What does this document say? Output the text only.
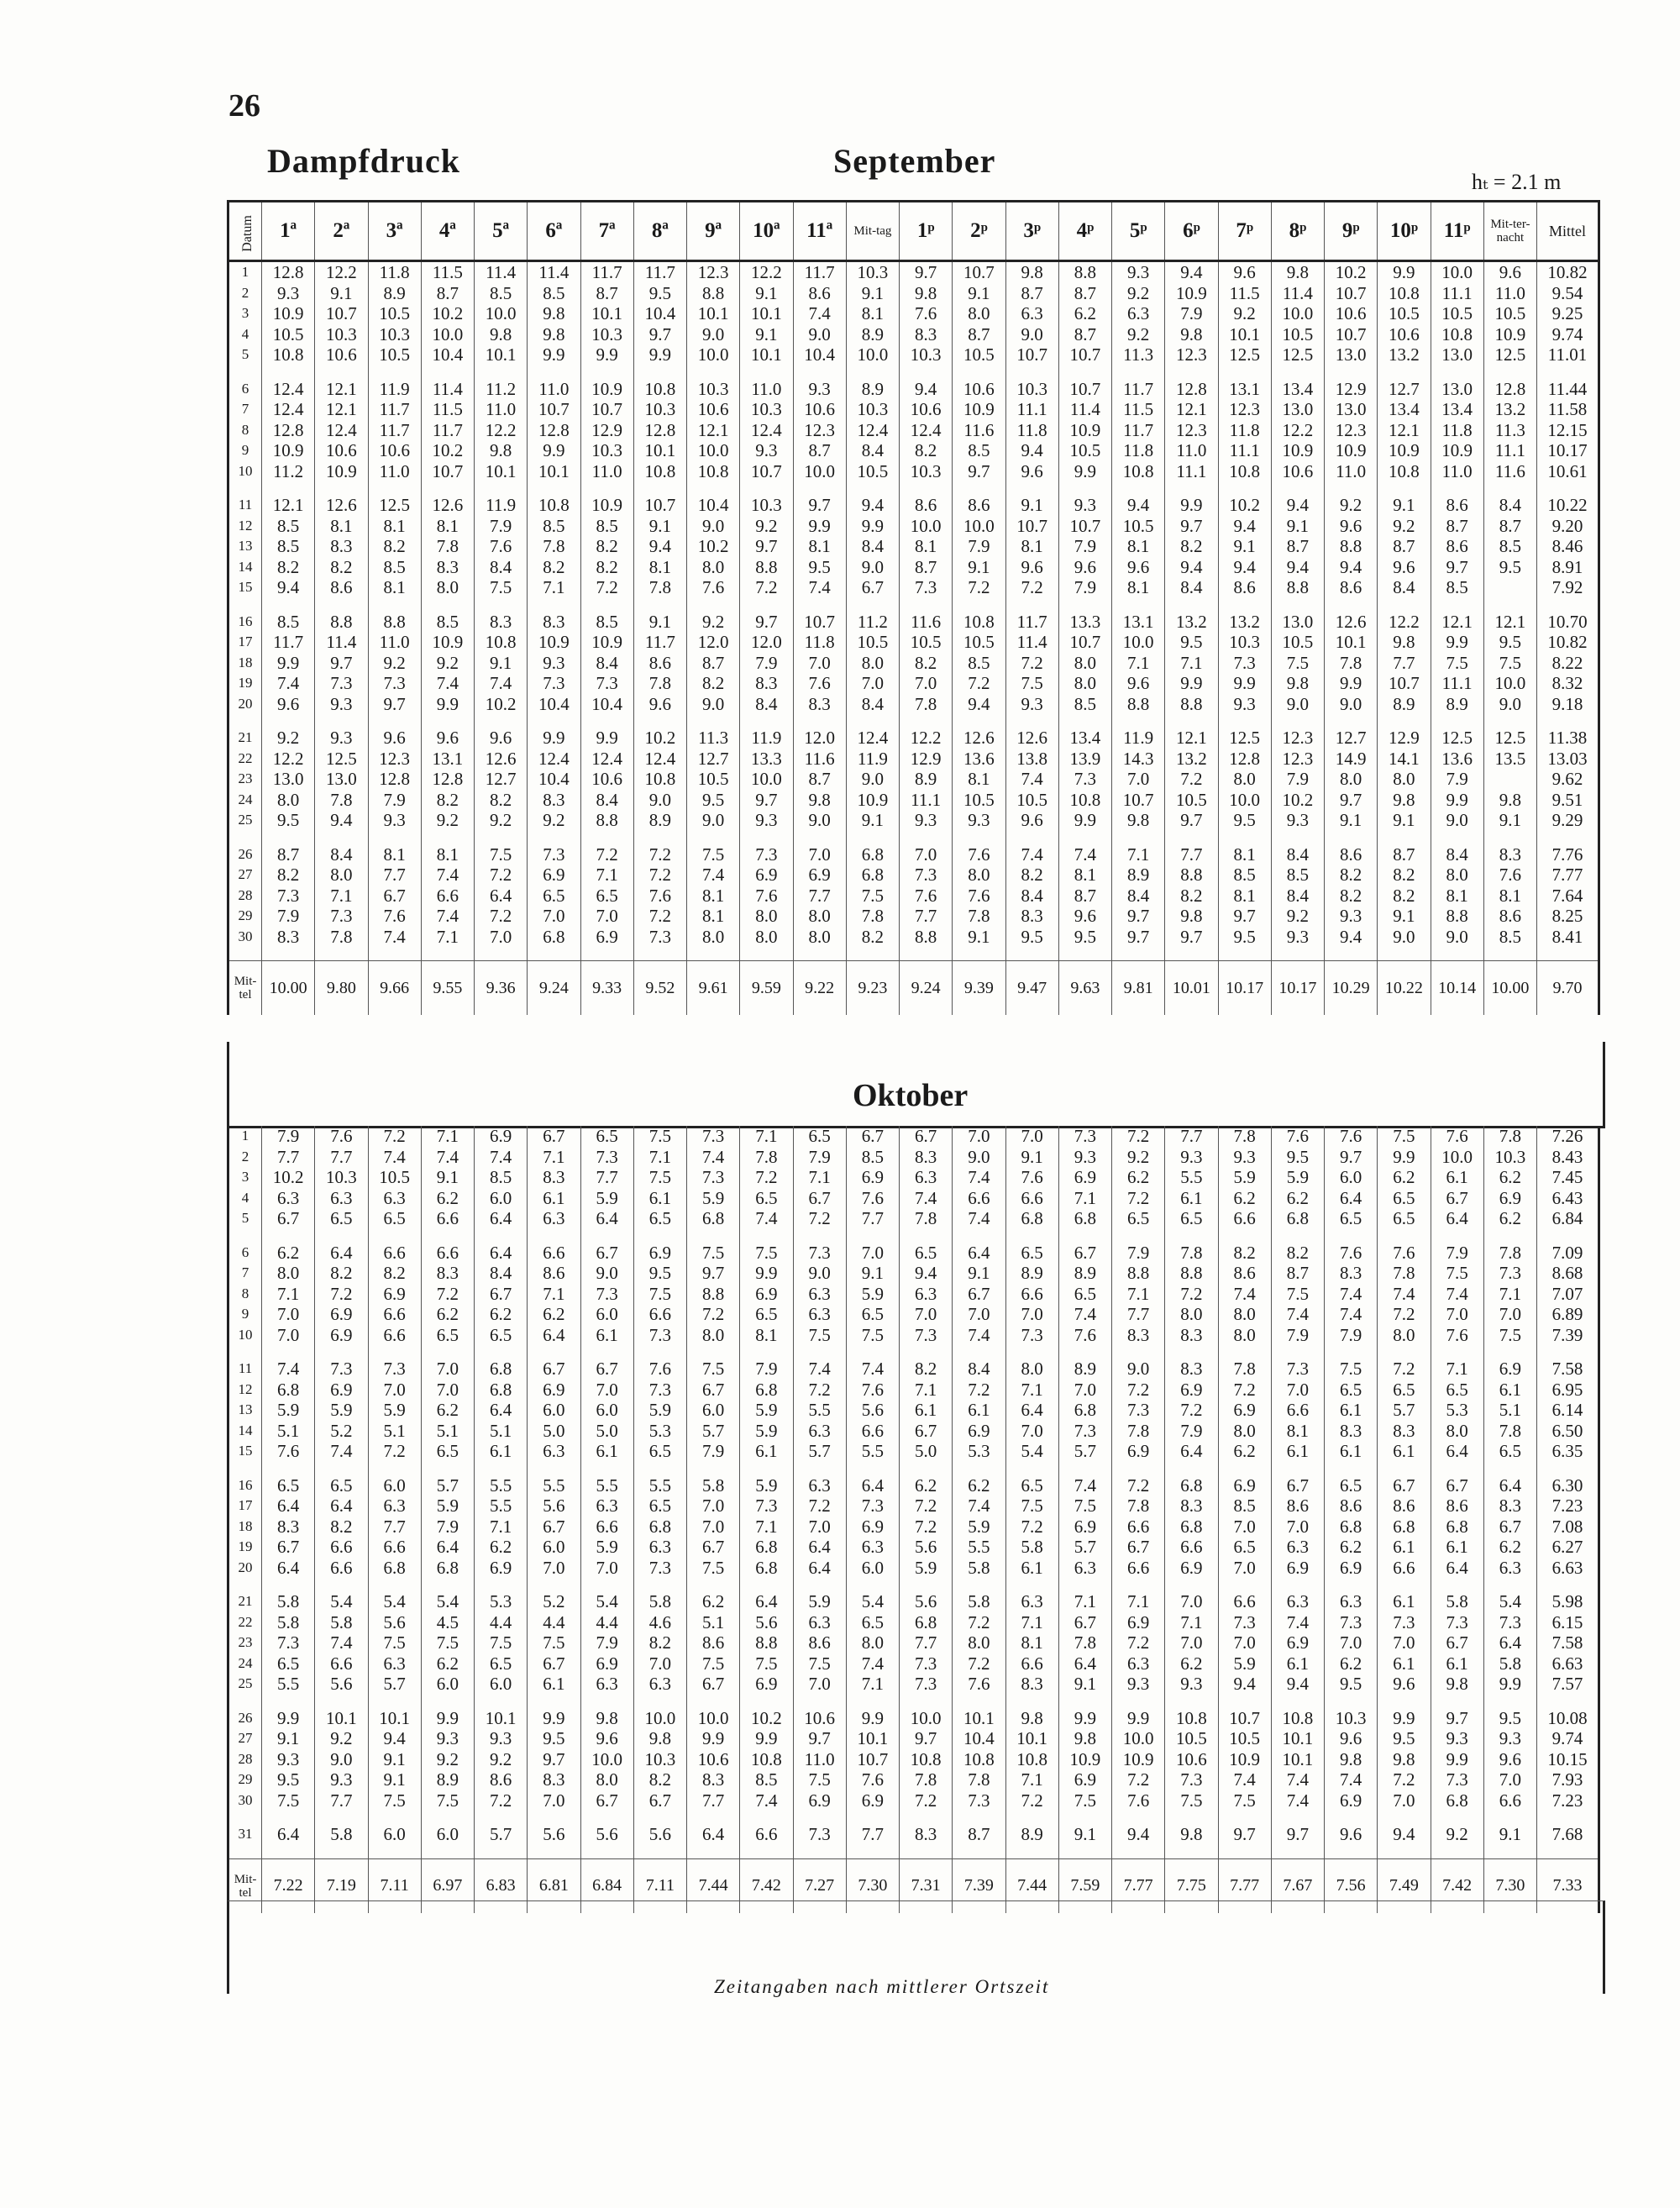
26
Dampfdruck	September
hₜ = 2.1 m
Datum	1ª	2ª	3ª	4ª	5ª	6ª	7ª	8ª	9ª	10ª	11ª	Mit-tag	1ᵖ	2ᵖ	3ᵖ	4ᵖ	5ᵖ	6ᵖ	7ᵖ	8ᵖ	9ᵖ	10ᵖ	11ᵖ	Mit-ter-nacht	Mittel
1	12.8	12.2	11.8	11.5	11.4	11.4	11.7	11.7	12.3	12.2	11.7	10.3	9.7	10.7	9.8	8.8	9.3	9.4	9.6	9.8	10.2	9.9	10.0	9.6	10.82
2	9.3	9.1	8.9	8.7	8.5	8.5	8.7	9.5	8.8	9.1	8.6	9.1	9.8	9.1	8.7	8.7	9.2	10.9	11.5	11.4	10.7	10.8	11.1	11.0	9.54
3	10.9	10.7	10.5	10.2	10.0	9.8	10.1	10.4	10.1	10.1	7.4	8.1	7.6	8.0	6.3	6.2	6.3	7.9	9.2	10.0	10.6	10.5	10.5	10.5	9.25
4	10.5	10.3	10.3	10.0	9.8	9.8	10.3	9.7	9.0	9.1	9.0	8.9	8.3	8.7	9.0	8.7	9.2	9.8	10.1	10.5	10.7	10.6	10.8	10.9	9.74
5	10.8	10.6	10.5	10.4	10.1	9.9	9.9	9.9	10.0	10.1	10.4	10.0	10.3	10.5	10.7	10.7	11.3	12.3	12.5	12.5	13.0	13.2	13.0	12.5	11.01

6	12.4	12.1	11.9	11.4	11.2	11.0	10.9	10.8	10.3	11.0	9.3	8.9	9.4	10.6	10.3	10.7	11.7	12.8	13.1	13.4	12.9	12.7	13.0	12.8	11.44
7	12.4	12.1	11.7	11.5	11.0	10.7	10.7	10.3	10.6	10.3	10.6	10.3	10.6	10.9	11.1	11.4	11.5	12.1	12.3	13.0	13.0	13.4	13.4	13.2	11.58
8	12.8	12.4	11.7	11.7	12.2	12.8	12.9	12.8	12.1	12.4	12.3	12.4	12.4	11.6	11.8	10.9	11.7	12.3	11.8	12.2	12.3	12.1	11.8	11.3	12.15
9	10.9	10.6	10.6	10.2	9.8	9.9	10.3	10.1	10.0	9.3	8.7	8.4	8.2	8.5	9.4	10.5	11.8	11.0	11.1	10.9	10.9	10.9	10.9	11.1	10.17
10	11.2	10.9	11.0	10.7	10.1	10.1	11.0	10.8	10.8	10.7	10.0	10.5	10.3	9.7	9.6	9.9	10.8	11.1	10.8	10.6	11.0	10.8	11.0	11.6	10.61

11	12.1	12.6	12.5	12.6	11.9	10.8	10.9	10.7	10.4	10.3	9.7	9.4	8.6	8.6	9.1	9.3	9.4	9.9	10.2	9.4	9.2	9.1	8.6	8.4	10.22
12	8.5	8.1	8.1	8.1	7.9	8.5	8.5	9.1	9.0	9.2	9.9	9.9	10.0	10.0	10.7	10.7	10.5	9.7	9.4	9.1	9.6	9.2	8.7	8.7	9.20
13	8.5	8.3	8.2	7.8	7.6	7.8	8.2	9.4	10.2	9.7	8.1	8.4	8.1	7.9	8.1	7.9	8.1	8.2	9.1	8.7	8.8	8.7	8.6	8.5	8.46
14	8.2	8.2	8.5	8.3	8.4	8.2	8.2	8.1	8.0	8.8	9.5	9.0	8.7	9.1	9.6	9.6	9.6	9.4	9.4	9.4	9.4	9.6	9.7	9.5	8.91
15	9.4	8.6	8.1	8.0	7.5	7.1	7.2	7.8	7.6	7.2	7.4	6.7	7.3	7.2	7.2	7.9	8.1	8.4	8.6	8.8	8.6	8.4	8.5		7.92

16	8.5	8.8	8.8	8.5	8.3	8.3	8.5	9.1	9.2	9.7	10.7	11.2	11.6	10.8	11.7	13.3	13.1	13.2	13.2	13.0	12.6	12.2	12.1	12.1	10.70
17	11.7	11.4	11.0	10.9	10.8	10.9	10.9	11.7	12.0	12.0	11.8	10.5	10.5	10.5	11.4	10.7	10.0	9.5	10.3	10.5	10.1	9.8	9.9	9.5	10.82
18	9.9	9.7	9.2	9.2	9.1	9.3	8.4	8.6	8.7	7.9	7.0	8.0	8.2	8.5	7.2	8.0	7.1	7.1	7.3	7.5	7.8	7.7	7.5	7.5	8.22
19	7.4	7.3	7.3	7.4	7.4	7.3	7.3	7.8	8.2	8.3	7.6	7.0	7.0	7.2	7.5	8.0	9.6	9.9	9.9	9.8	9.9	10.7	11.1	10.0	8.32
20	9.6	9.3	9.7	9.9	10.2	10.4	10.4	9.6	9.0	8.4	8.3	8.4	7.8	9.4	9.3	8.5	8.8	8.8	9.3	9.0	9.0	8.9	8.9	9.0	9.18

21	9.2	9.3	9.6	9.6	9.6	9.9	9.9	10.2	11.3	11.9	12.0	12.4	12.2	12.6	12.6	13.4	11.9	12.1	12.5	12.3	12.7	12.9	12.5	12.5	11.38
22	12.2	12.5	12.3	13.1	12.6	12.4	12.4	12.4	12.7	13.3	11.6	11.9	12.9	13.6	13.8	13.9	14.3	13.2	12.8	12.3	14.9	14.1	13.6	13.5	13.03
23	13.0	13.0	12.8	12.8	12.7	10.4	10.6	10.8	10.5	10.0	8.7	9.0	8.9	8.1	7.4	7.3	7.0	7.2	8.0	7.9	8.0	8.0	7.9		9.62
24	8.0	7.8	7.9	8.2	8.2	8.3	8.4	9.0	9.5	9.7	9.8	10.9	11.1	10.5	10.5	10.8	10.7	10.5	10.0	10.2	9.7	9.8	9.9	9.8	9.51
25	9.5	9.4	9.3	9.2	9.2	9.2	8.8	8.9	9.0	9.3	9.0	9.1	9.3	9.3	9.6	9.9	9.8	9.7	9.5	9.3	9.1	9.1	9.0	9.1	9.29

26	8.7	8.4	8.1	8.1	7.5	7.3	7.2	7.2	7.5	7.3	7.0	6.8	7.0	7.6	7.4	7.4	7.1	7.7	8.1	8.4	8.6	8.7	8.4	8.3	7.76
27	8.2	8.0	7.7	7.4	7.2	6.9	7.1	7.2	7.4	6.9	6.9	6.8	7.3	8.0	8.2	8.1	8.9	8.8	8.5	8.5	8.2	8.2	8.0	7.6	7.77
28	7.3	7.1	6.7	6.6	6.4	6.5	6.5	7.6	8.1	7.6	7.7	7.5	7.6	7.6	8.4	8.7	8.4	8.2	8.1	8.4	8.2	8.2	8.1	8.1	7.64
29	7.9	7.3	7.6	7.4	7.2	7.0	7.0	7.2	8.1	8.0	8.0	7.8	7.7	7.8	8.3	9.6	9.7	9.8	9.7	9.2	9.3	9.1	8.8	8.6	8.25
30	8.3	7.8	7.4	7.1	7.0	6.8	6.9	7.3	8.0	8.0	8.0	8.2	8.8	9.1	9.5	9.5	9.7	9.7	9.5	9.3	9.4	9.0	9.0	8.5	8.41

Mit-tel	10.00	9.80	9.66	9.55	9.36	9.24	9.33	9.52	9.61	9.59	9.22	9.23	9.24	9.39	9.47	9.63	9.81	10.01	10.17	10.17	10.29	10.22	10.14	10.00	9.70
Oktober
1	7.9	7.6	7.2	7.1	6.9	6.7	6.5	7.5	7.3	7.1	6.5	6.7	6.7	7.0	7.0	7.3	7.2	7.7	7.8	7.6	7.6	7.5	7.6	7.8	7.26
2	7.7	7.7	7.4	7.4	7.4	7.1	7.3	7.1	7.4	7.8	7.9	8.5	8.3	9.0	9.1	9.3	9.2	9.3	9.3	9.5	9.7	9.9	10.0	10.3	8.43
3	10.2	10.3	10.5	9.1	8.5	8.3	7.7	7.5	7.3	7.2	7.1	6.9	6.3	7.4	7.6	6.9	6.2	5.5	5.9	5.9	6.0	6.2	6.1	6.2	7.45
4	6.3	6.3	6.3	6.2	6.0	6.1	5.9	6.1	5.9	6.5	6.7	7.6	7.4	6.6	6.6	7.1	7.2	6.1	6.2	6.2	6.4	6.5	6.7	6.9	6.43
5	6.7	6.5	6.5	6.6	6.4	6.3	6.4	6.5	6.8	7.4	7.2	7.7	7.8	7.4	6.8	6.8	6.5	6.5	6.6	6.8	6.5	6.5	6.4	6.2	6.84

6	6.2	6.4	6.6	6.6	6.4	6.6	6.7	6.9	7.5	7.5	7.3	7.0	6.5	6.4	6.5	6.7	7.9	7.8	8.2	8.2	7.6	7.6	7.9	7.8	7.09
7	8.0	8.2	8.2	8.3	8.4	8.6	9.0	9.5	9.7	9.9	9.0	9.1	9.4	9.1	8.9	8.9	8.8	8.8	8.6	8.7	8.3	7.8	7.5	7.3	8.68
8	7.1	7.2	6.9	7.2	6.7	7.1	7.3	7.5	8.8	6.9	6.3	5.9	6.3	6.7	6.6	6.5	7.1	7.2	7.4	7.5	7.4	7.4	7.4	7.1	7.07
9	7.0	6.9	6.6	6.2	6.2	6.2	6.0	6.6	7.2	6.5	6.3	6.5	7.0	7.0	7.0	7.4	7.7	8.0	8.0	7.4	7.4	7.2	7.0	7.0	6.89
10	7.0	6.9	6.6	6.5	6.5	6.4	6.1	7.3	8.0	8.1	7.5	7.5	7.3	7.4	7.3	7.6	8.3	8.3	8.0	7.9	7.9	8.0	7.6	7.5	7.39

11	7.4	7.3	7.3	7.0	6.8	6.7	6.7	7.6	7.5	7.9	7.4	7.4	8.2	8.4	8.0	8.9	9.0	8.3	7.8	7.3	7.5	7.2	7.1	6.9	7.58
12	6.8	6.9	7.0	7.0	6.8	6.9	7.0	7.3	6.7	6.8	7.2	7.6	7.1	7.2	7.1	7.0	7.2	6.9	7.2	7.0	6.5	6.5	6.5	6.1	6.95
13	5.9	5.9	5.9	6.2	6.4	6.0	6.0	5.9	6.0	5.9	5.5	5.6	6.1	6.1	6.4	6.8	7.3	7.2	6.9	6.6	6.1	5.7	5.3	5.1	6.14
14	5.1	5.2	5.1	5.1	5.1	5.0	5.0	5.3	5.7	5.9	6.3	6.6	6.7	6.9	7.0	7.3	7.8	7.9	8.0	8.1	8.3	8.3	8.0	7.8	6.50
15	7.6	7.4	7.2	6.5	6.1	6.3	6.1	6.5	7.9	6.1	5.7	5.5	5.0	5.3	5.4	5.7	6.9	6.4	6.2	6.1	6.1	6.1	6.4	6.5	6.35

16	6.5	6.5	6.0	5.7	5.5	5.5	5.5	5.5	5.8	5.9	6.3	6.4	6.2	6.2	6.5	7.4	7.2	6.8	6.9	6.7	6.5	6.7	6.7	6.4	6.30
17	6.4	6.4	6.3	5.9	5.5	5.6	6.3	6.5	7.0	7.3	7.2	7.3	7.2	7.4	7.5	7.5	7.8	8.3	8.5	8.6	8.6	8.6	8.6	8.3	7.23
18	8.3	8.2	7.7	7.9	7.1	6.7	6.6	6.8	7.0	7.1	7.0	6.9	7.2	5.9	7.2	6.9	6.6	6.8	7.0	7.0	6.8	6.8	6.8	6.7	7.08
19	6.7	6.6	6.6	6.4	6.2	6.0	5.9	6.3	6.7	6.8	6.4	6.3	5.6	5.5	5.8	5.7	6.7	6.6	6.5	6.3	6.2	6.1	6.1	6.2	6.27
20	6.4	6.6	6.8	6.8	6.9	7.0	7.0	7.3	7.5	6.8	6.4	6.0	5.9	5.8	6.1	6.3	6.6	6.9	7.0	6.9	6.9	6.6	6.4	6.3	6.63

21	5.8	5.4	5.4	5.4	5.3	5.2	5.4	5.8	6.2	6.4	5.9	5.4	5.6	5.8	6.3	7.1	7.1	7.0	6.6	6.3	6.3	6.1	5.8	5.4	5.98
22	5.8	5.8	5.6	4.5	4.4	4.4	4.4	4.6	5.1	5.6	6.3	6.5	6.8	7.2	7.1	6.7	6.9	7.1	7.3	7.4	7.3	7.3	7.3	7.3	6.15
23	7.3	7.4	7.5	7.5	7.5	7.5	7.9	8.2	8.6	8.8	8.6	8.0	7.7	8.0	8.1	7.8	7.2	7.0	7.0	6.9	7.0	7.0	6.7	6.4	7.58
24	6.5	6.6	6.3	6.2	6.5	6.7	6.9	7.0	7.5	7.5	7.5	7.4	7.3	7.2	6.6	6.4	6.3	6.2	5.9	6.1	6.2	6.1	6.1	5.8	6.63
25	5.5	5.6	5.7	6.0	6.0	6.1	6.3	6.3	6.7	6.9	7.0	7.1	7.3	7.6	8.3	9.1	9.3	9.3	9.4	9.4	9.5	9.6	9.8	9.9	7.57

26	9.9	10.1	10.1	9.9	10.1	9.9	9.8	10.0	10.0	10.2	10.6	9.9	10.0	10.1	9.8	9.9	9.9	10.8	10.7	10.8	10.3	9.9	9.7	9.5	10.08
27	9.1	9.2	9.4	9.3	9.3	9.5	9.6	9.8	9.9	9.9	9.7	10.1	9.7	10.4	10.1	9.8	10.0	10.5	10.5	10.1	9.6	9.5	9.3	9.3	9.74
28	9.3	9.0	9.1	9.2	9.2	9.7	10.0	10.3	10.6	10.8	11.0	10.7	10.8	10.8	10.8	10.9	10.9	10.6	10.9	10.1	9.8	9.8	9.9	9.6	10.15
29	9.5	9.3	9.1	8.9	8.6	8.3	8.0	8.2	8.3	8.5	7.5	7.6	7.8	7.8	7.1	6.9	7.2	7.3	7.4	7.4	7.4	7.2	7.3	7.0	7.93
30	7.5	7.7	7.5	7.5	7.2	7.0	6.7	6.7	7.7	7.4	6.9	6.9	7.2	7.3	7.2	7.5	7.6	7.5	7.5	7.4	6.9	7.0	6.8	6.6	7.23

31	6.4	5.8	6.0	6.0	5.7	5.6	5.6	5.6	6.4	6.6	7.3	7.7	8.3	8.7	8.9	9.1	9.4	9.8	9.7	9.7	9.6	9.4	9.2	9.1	7.68

Mit-tel	7.22	7.19	7.11	6.97	6.83	6.81	6.84	7.11	7.44	7.42	7.27	7.30	7.31	7.39	7.44	7.59	7.77	7.75	7.77	7.67	7.56	7.49	7.42	7.30	7.33
Zeitangaben nach mittlerer Ortszeit
